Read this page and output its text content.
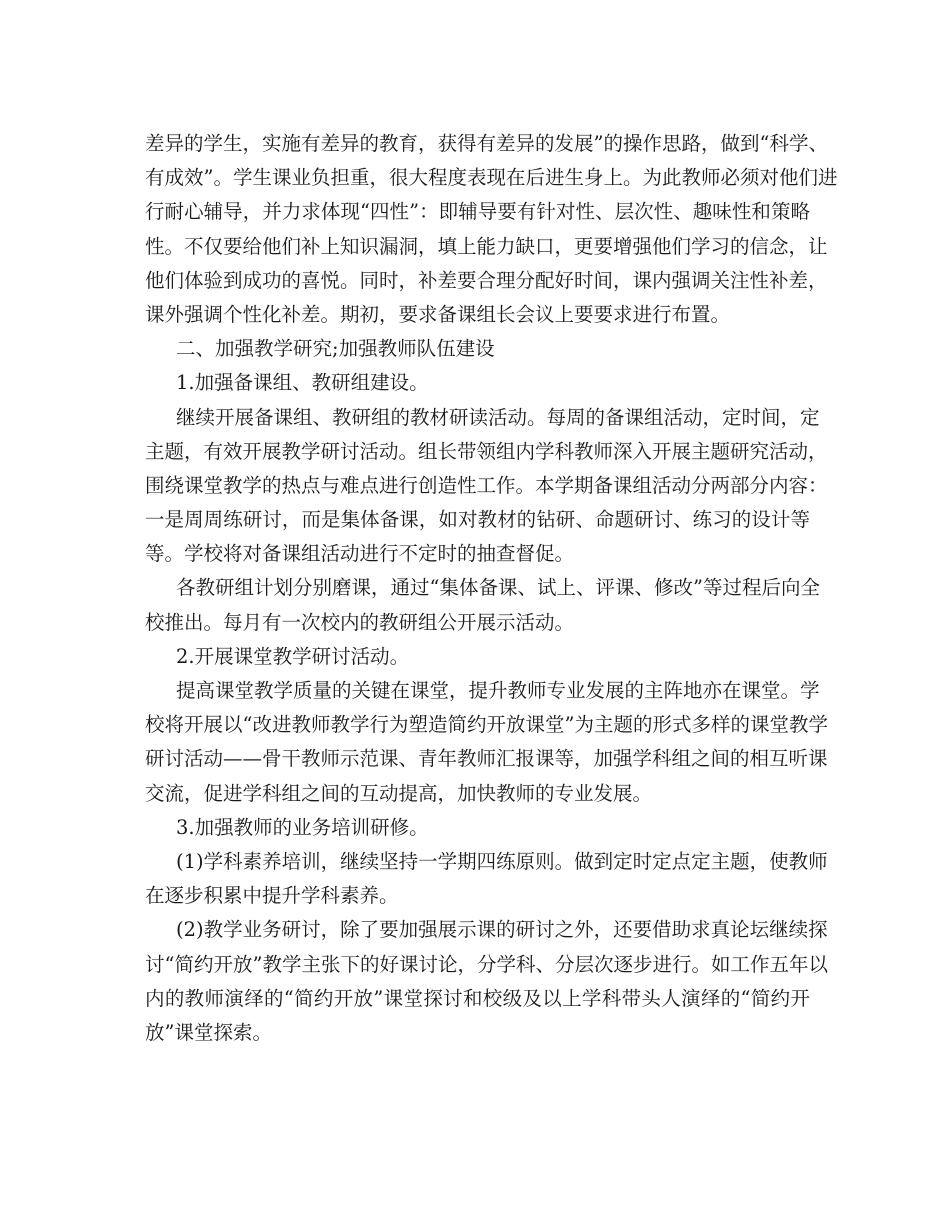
差异的学生，实施有差异的教育，获得有差异的发展”的操作思路，做到“科学、
有成效”。学生课业负担重，很大程度表现在后进生身上。为此教师必须对他们进
行耐心辅导，并力求体现“四性”：即辅导要有针对性、层次性、趣味性和策略
性。不仅要给他们补上知识漏洞，填上能力缺口，更要增强他们学习的信念，让
他们体验到成功的喜悦。同时，补差要合理分配好时间，课内强调关注性补差，
课外强调个性化补差。期初，要求备课组长会议上要要求进行布置。
二、加强教学研究;加强教师队伍建设
1.加强备课组、教研组建设。
继续开展备课组、教研组的教材研读活动。每周的备课组活动，定时间，定
主题，有效开展教学研讨活动。组长带领组内学科教师深入开展主题研究活动，
围绕课堂教学的热点与难点进行创造性工作。本学期备课组活动分两部分内容：
一是周周练研讨，而是集体备课，如对教材的钻研、命题研讨、练习的设计等
等。学校将对备课组活动进行不定时的抽查督促。
各教研组计划分别磨课，通过“集体备课、试上、评课、修改”等过程后向全
校推出。每月有一次校内的教研组公开展示活动。
2.开展课堂教学研讨活动。
提高课堂教学质量的关键在课堂，提升教师专业发展的主阵地亦在课堂。学
校将开展以“改进教师教学行为塑造简约开放课堂”为主题的形式多样的课堂教学
研讨活动——骨干教师示范课、青年教师汇报课等，加强学科组之间的相互听课
交流，促进学科组之间的互动提高，加快教师的专业发展。
3.加强教师的业务培训研修。
(1)学科素养培训，继续坚持一学期四练原则。做到定时定点定主题，使教师
在逐步积累中提升学科素养。
(2)教学业务研讨，除了要加强展示课的研讨之外，还要借助求真论坛继续探
讨“简约开放”教学主张下的好课讨论，分学科、分层次逐步进行。如工作五年以
内的教师演绎的“简约开放”课堂探讨和校级及以上学科带头人演绎的“简约开
放”课堂探索。
